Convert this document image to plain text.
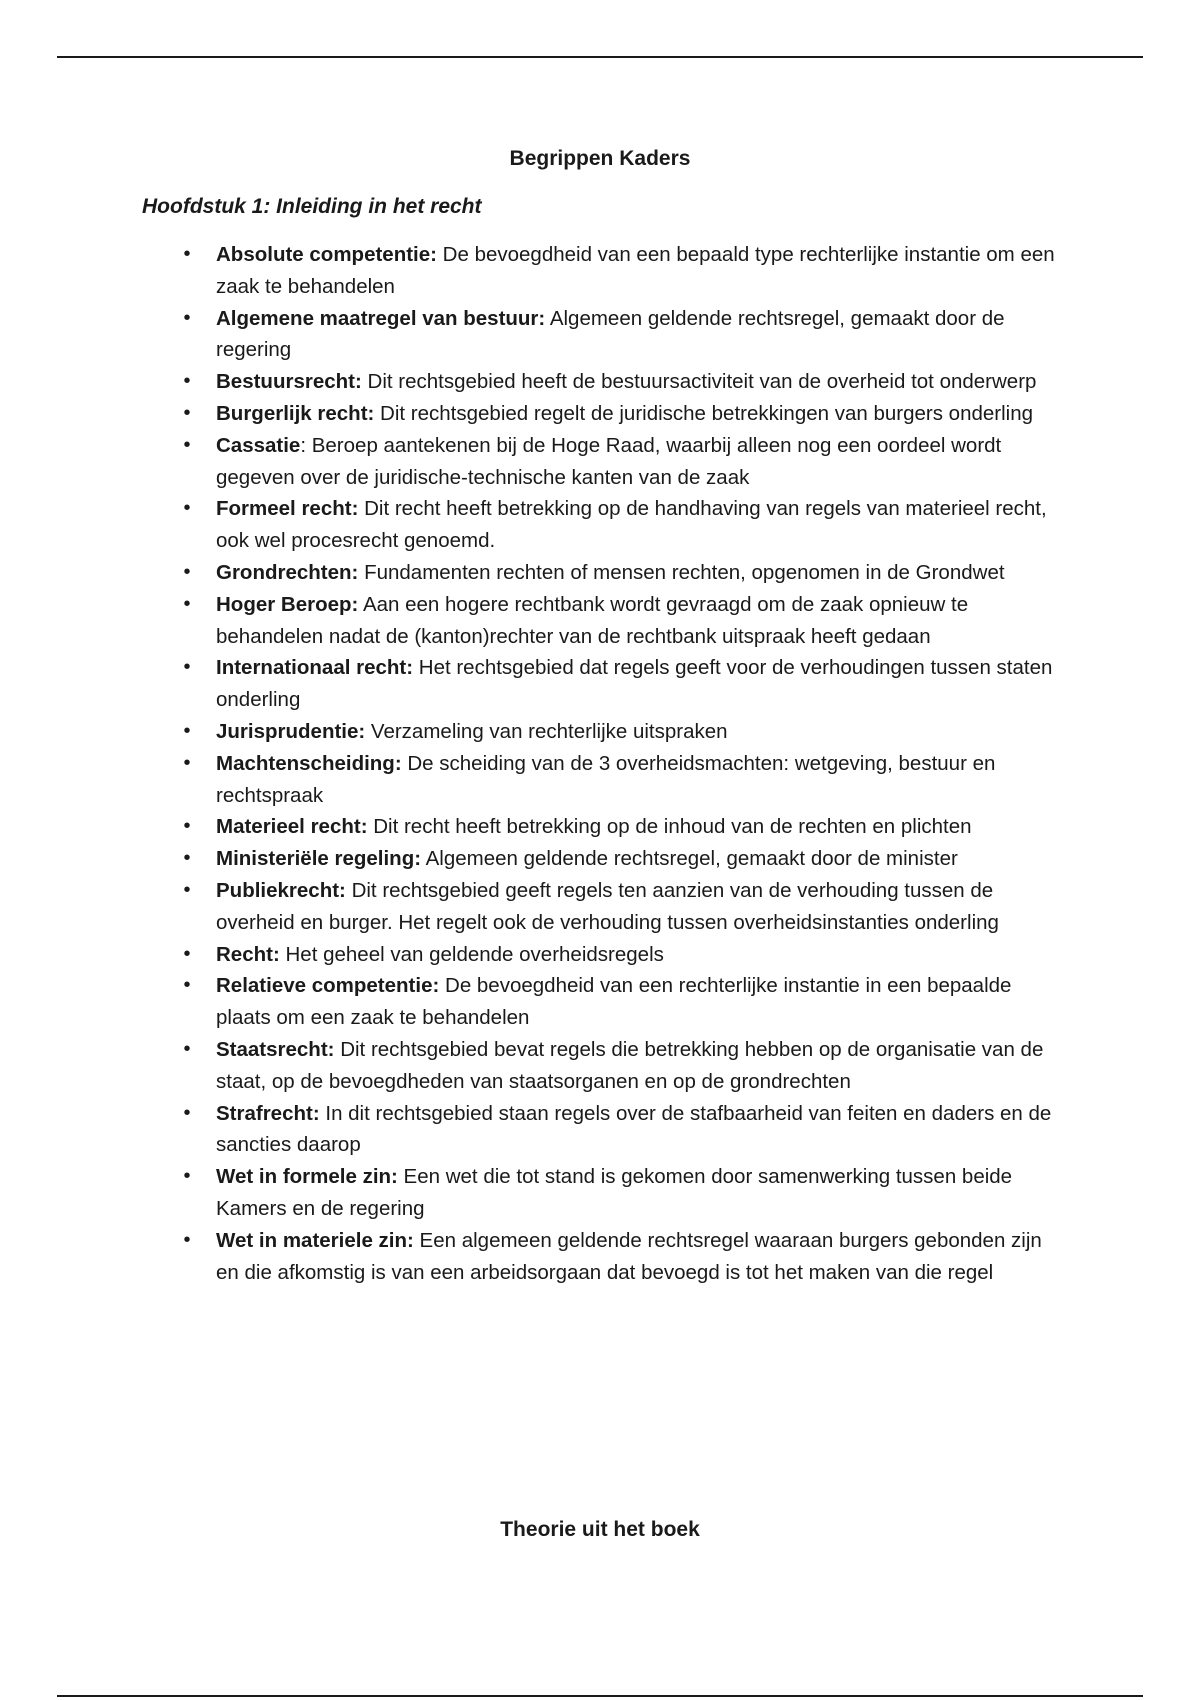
Begrippen Kaders
Hoofdstuk 1: Inleiding in het recht
• Absolute competentie: De bevoegdheid van een bepaald type rechterlijke instantie om een zaak te behandelen
• Algemene maatregel van bestuur: Algemeen geldende rechtsregel, gemaakt door de regering
• Bestuursrecht: Dit rechtsgebied heeft de bestuursactiviteit van de overheid tot onderwerp
• Burgerlijk recht: Dit rechtsgebied regelt de juridische betrekkingen van burgers onderling
• Cassatie: Beroep aantekenen bij de Hoge Raad, waarbij alleen nog een oordeel wordt gegeven over de juridische-technische kanten van de zaak
• Formeel recht: Dit recht heeft betrekking op de handhaving van regels van materieel recht, ook wel procesrecht genoemd.
• Grondrechten: Fundamenten rechten of mensen rechten, opgenomen in de Grondwet
• Hoger Beroep: Aan een hogere rechtbank wordt gevraagd om de zaak opnieuw te behandelen nadat de (kanton)rechter van de rechtbank uitspraak heeft gedaan
• Internationaal recht: Het rechtsgebied dat regels geeft voor de verhoudingen tussen staten onderling
• Jurisprudentie: Verzameling van rechterlijke uitspraken
• Machtenscheiding: De scheiding van de 3 overheidsmachten: wetgeving, bestuur en rechtspraak
• Materieel recht: Dit recht heeft betrekking op de inhoud van de rechten en plichten
• Ministeriële regeling: Algemeen geldende rechtsregel, gemaakt door de minister
• Publiekrecht: Dit rechtsgebied geeft regels ten aanzien van de verhouding tussen de overheid en burger. Het regelt ook de verhouding tussen overheidsinstanties onderling
• Recht: Het geheel van geldende overheidsregels
• Relatieve competentie: De bevoegdheid van een rechterlijke instantie in een bepaalde plaats om een zaak te behandelen
• Staatsrecht: Dit rechtsgebied bevat regels die betrekking hebben op de organisatie van de staat, op de bevoegdheden van staatsorganen en op de grondrechten
• Strafrecht: In dit rechtsgebied staan regels over de stafbaarheid van feiten en daders en de sancties daarop
• Wet in formele zin: Een wet die tot stand is gekomen door samenwerking tussen beide Kamers en de regering
• Wet in materiele zin: Een algemeen geldende rechtsregel waaraan burgers gebonden zijn en die afkomstig is van een arbeidsorgaan dat bevoegd is tot het maken van die regel
Theorie uit het boek
